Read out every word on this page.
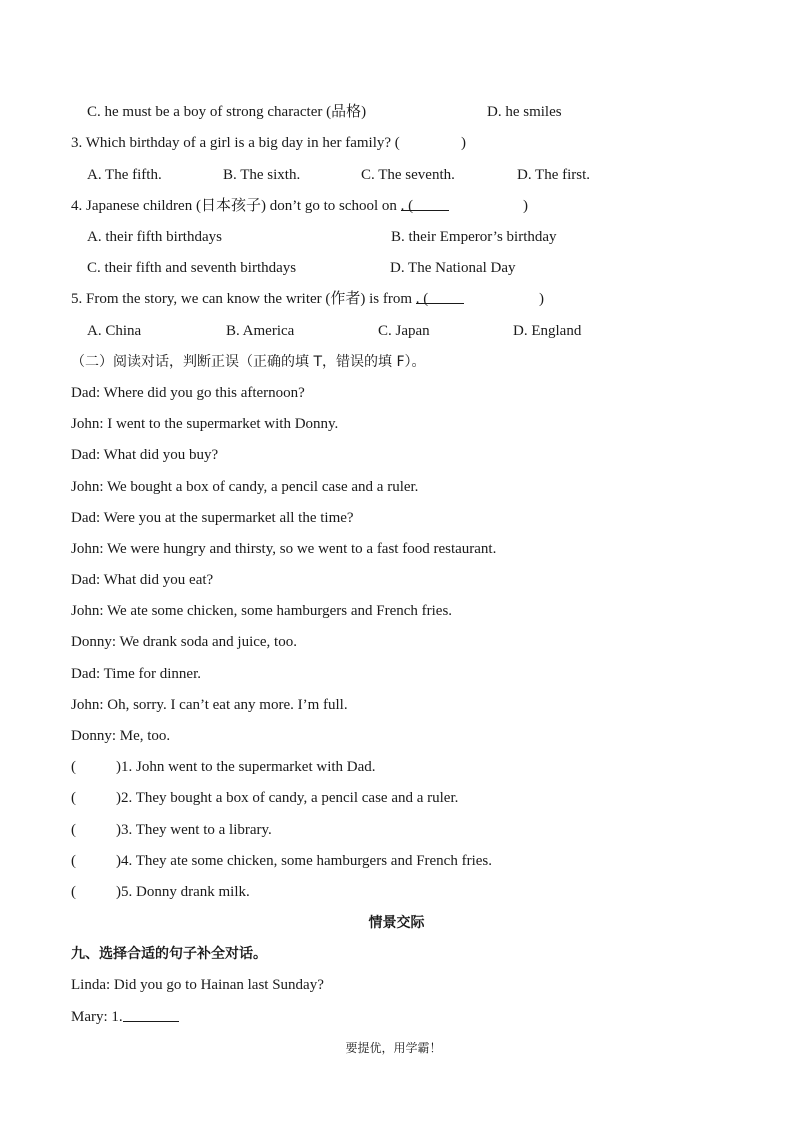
C. he must be a boy of strong character (品格)	D. he smiles
3. Which birthday of a girl is a big day in her family? (	)
A. The fifth.	B. The sixth.	C. The seventh.	D. The first.
4. Japanese children (日本孩子) don’t go to school on
. (	)
A. their fifth birthdays	B. their Emperor’s birthday
C. their fifth and seventh birthdays	D. The National Day
5. From the story, we can know the writer (作者) is from
. (	)
A. China	B. America	C. Japan	D. England
（二）阅读对话，判断正误（正确的填 T，错误的填 F）。
Dad: Where did you go this afternoon?
John: I went to the supermarket with Donny.
Dad: What did you buy?
John: We bought a box of candy, a pencil case and a ruler.
Dad: Were you at the supermarket all the time?
John: We were hungry and thirsty, so we went to a fast food restaurant.
Dad: What did you eat?
John: We ate some chicken, some hamburgers and French fries.
Donny: We drank soda and juice, too.
Dad: Time for dinner.
John: Oh, sorry. I can’t eat any more. I’m full.
Donny: Me, too.
(	)1. John went to the supermarket with Dad.
(	)2. They bought a box of candy, a pencil case and a ruler.
(	)3. They went to a library.
(	)4. They ate some chicken, some hamburgers and French fries.
(	)5. Donny drank milk.
情景交际
九、选择合适的句子补全对话。
Linda: Did you go to Hainan last Sunday?
Mary: 1.
要提优，用学霸！
